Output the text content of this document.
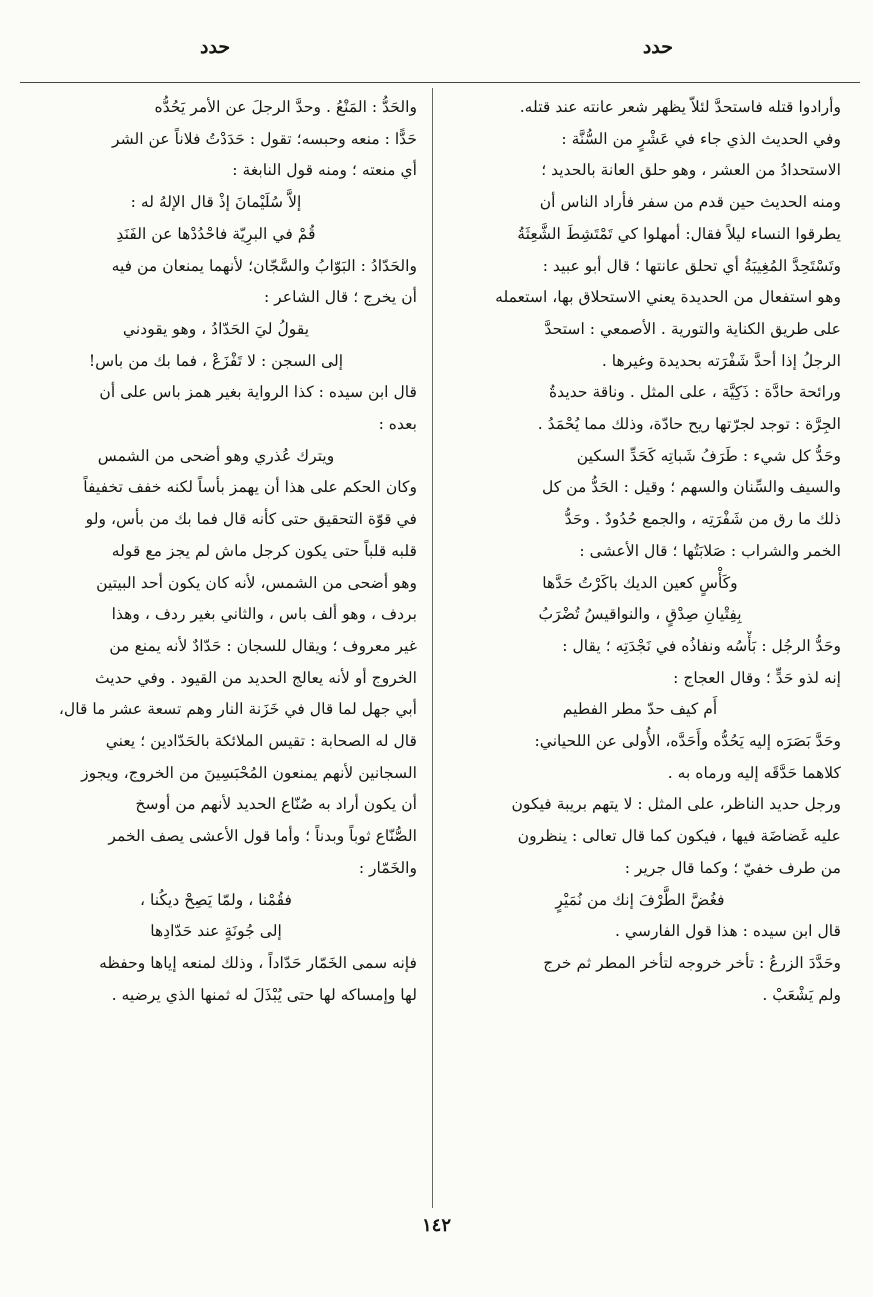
حدد
حدد
وأرادوا قتله فاستحدَّ لئلاّ يظهر شعر عانته عند قتله.
وفي الحديث الذي جاء في عَشْرٍ من السُّنَّة :
الاستحدادُ من العشر ، وهو حلق العانة بالحديد ؛
ومنه الحديث حين قدم من سفر فأراد الناس أن
يطرقوا النساء ليلاً فقال: أمهلوا كي تَمْتَشِطَ الشَّعِثَةُ
وتَسْتَحِدَّ المُغِيبَةُ أي تحلق عانتها ؛ قال أبو عبيد :
وهو استفعال من الحديدة يعني الاستحلاق بها، استعمله
على طريق الكناية والتورية . الأصمعي : استحدَّ
الرجلُ إذا أحدَّ شَفْرَته بحديدة وغيرها .
ورائحة حادَّة : ذَكِيَّة ، على المثل . وناقة حديدةُ
الجِرَّة : توجد لجرّتها ريح حادّة، وذلك مما يُحْمَدُ .
وحَدُّ كل شيء : طَرَفُ شَباتِه كَحَدِّ السكين
والسيف والسِّنان والسهم ؛ وقيل : الحَدُّ من كل
ذلك ما رق من شَفْرَتِه ، والجمع حُدُودٌ . وحَدُّ
الخمر والشراب : صَلابَتُها ؛ قال الأعشى :
وكَأْسٍ كعين الديك باكَرْتُ حَدَّها
بِفِتْيانِ صِدْقٍ ، والنواقيسُ تُضْرَبُ
وحَدُّ الرجُل : بَأْسُه ونفاذُه في نَجْدَتِه ؛ يقال :
إنه لذو حَدٍّ ؛ وقال العجاج :
أَم كيف حدّ مطر الفطيم
وحَدَّ بَصَرَه إليه يَحُدُّه وأَحَدَّه، الأُولى عن اللحياني:
كلاهما حَدَّقَه إليه ورماه به .
ورجل حديد الناظر، على المثل : لا يتهم بريبة فيكون
عليه غَضاضَة فيها ، فيكون كما قال تعالى : ينظرون
من طرف خفيّ ؛ وكما قال جرير :
فغُضَّ الطَّرْفَ إنك من نُمَيْرٍ
قال ابن سيده : هذا قول الفارسي .
وحَدَّدَ الزرعُ : تأخر خروجه لتأخر المطر ثم خرج
ولم يَشْعَبْ .
والحَدُّ : المَنْعُ . وحدَّ الرجلَ عن الأمر يَحُدُّه
حَدًّا : منعه وحبسه؛ تقول : حَدَدْتُ فلاناً عن الشر
أي منعته ؛ ومنه قول النابغة :
إلاَّ سُلَيْمانَ إذْ قال الإلهُ له :
قُمْ في البرِيّة فاحْدُدْها عن الفَنَدِ
والحَدّادُ : البَوّابُ والسَّجّان؛ لأنهما يمنعان من فيه
أن يخرج ؛ قال الشاعر :
يقولُ ليَ الحَدّادُ ، وهو يقودني
إلى السجن : لا تَفْزَعْ ، فما بك من باس!
قال ابن سيده : كذا الرواية بغير همز باس على أن
بعده :
ويترك عُذري وهو أضحى من الشمس
وكان الحكم على هذا أن يهمز بأساً لكنه خفف تخفيفاً
في قوّة التحقيق حتى كأنه قال فما بك من بأس، ولو
قلبه قلباً حتى يكون كرجل ماش لم يجز مع قوله
وهو أضحى من الشمس، لأنه كان يكون أحد البيتين
بردف ، وهو ألف باس ، والثاني بغير ردف ، وهذا
غير معروف ؛ ويقال للسجان : حَدّادٌ لأنه يمنع من
الخروج أو لأنه يعالج الحديد من القيود . وفي حديث
أبي جهل لما قال في خَزَنة النار وهم تسعة عشر ما قال،
قال له الصحابة : تقيس الملائكة بالحَدّادين ؛ يعني
السجانين لأنهم يمنعون المُحْبَسِينَ من الخروج، ويجوز
أن يكون أراد به صُنّاع الحديد لأنهم من أوسخ
الصُّنّاع ثوباً وبدناً ؛ وأما قول الأعشى يصف الخمر
والخَمّار :
فقُمْنا ، ولمّا يَصِحْ ديكُنا ،
إلى جُونَةٍ عند حَدّادِها
فإنه سمى الخَمّار حَدّاداً ، وذلك لمنعه إياها وحفظه
لها وإمساكه لها حتى يُبْذَلَ له ثمنها الذي يرضيه .
١٤٢
